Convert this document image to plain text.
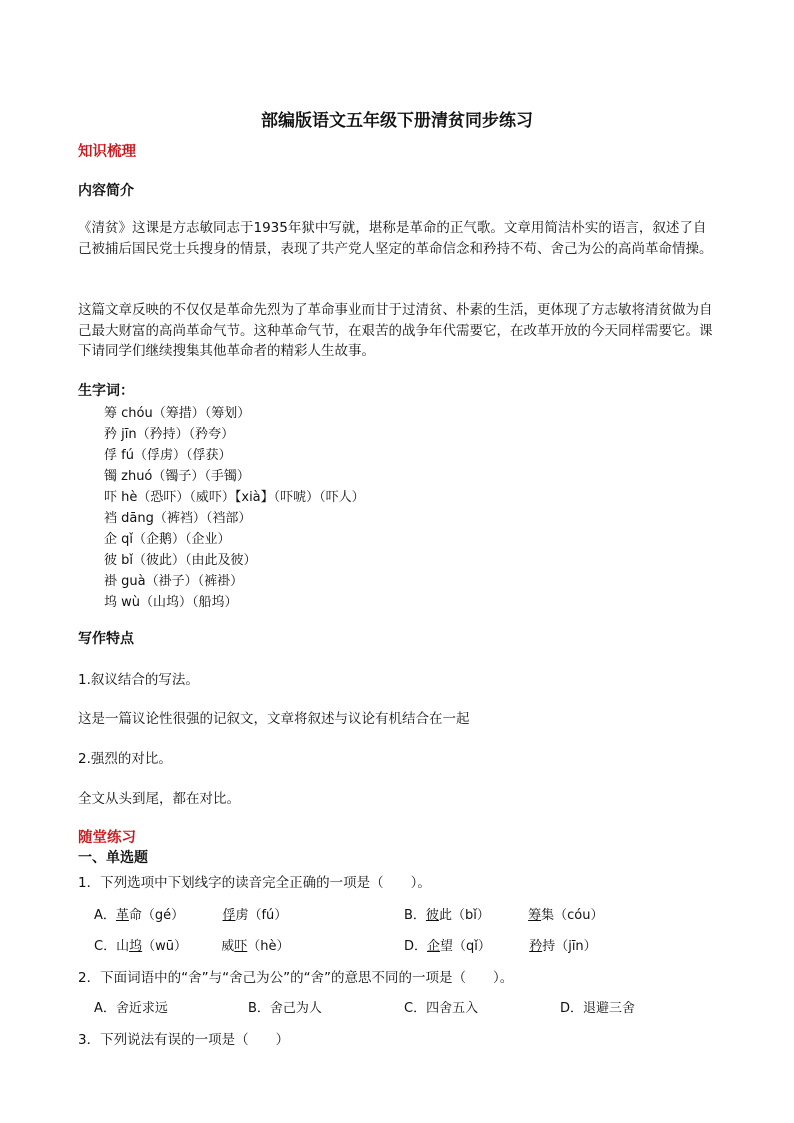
部编版语文五年级下册清贫同步练习
知识梳理
内容简介
《清贫》这课是方志敏同志于1935年狱中写就，堪称是革命的正气歌。文章用简洁朴实的语言，叙述了自己被捕后国民党士兵搜身的情景，表现了共产党人坚定的革命信念和矜持不苟、舍己为公的高尚革命情操。
这篇文章反映的不仅仅是革命先烈为了革命事业而甘于过清贫、朴素的生活，更体现了方志敏将清贫做为自己最大财富的高尚革命气节。这种革命气节，在艰苦的战争年代需要它，在改革开放的今天同样需要它。课下请同学们继续搜集其他革命者的精彩人生故事。
生字词：
筹 chóu（筹措）（筹划）
矜 jīn（矜持）（矜夸）
俘 fú（俘虏）（俘获）
镯 zhuó（镯子）（手镯）
吓 hè（恐吓）（威吓）【xià】（吓唬）（吓人）
裆 dāng（裤裆）（裆部）
企 qǐ（企鹅）（企业）
彼 bǐ（彼此）（由此及彼）
褂 guà（褂子）（裤褂）
坞 wù（山坞）（船坞）
写作特点
1.叙议结合的写法。
这是一篇议论性很强的记叙文，文章将叙述与议论有机结合在一起
2.强烈的对比。
全文从头到尾，都在对比。
随堂练习
一、单选题
1．下列选项中下划线字的读音完全正确的一项是（　　）。
A．革命（gé）	俘虏（fú）	B．彼此（bǐ）	筹集（cóu）
C．山坞（wū）	威吓（hè）	D．企望（qǐ）	矜持（jīn）
2．下面词语中的“舍”与“舍己为公”的“舍”的意思不同的一项是（　　）。
A．舍近求远	B．舍己为人	C．四舍五入	D．退避三舍
3．下列说法有误的一项是（　　）
